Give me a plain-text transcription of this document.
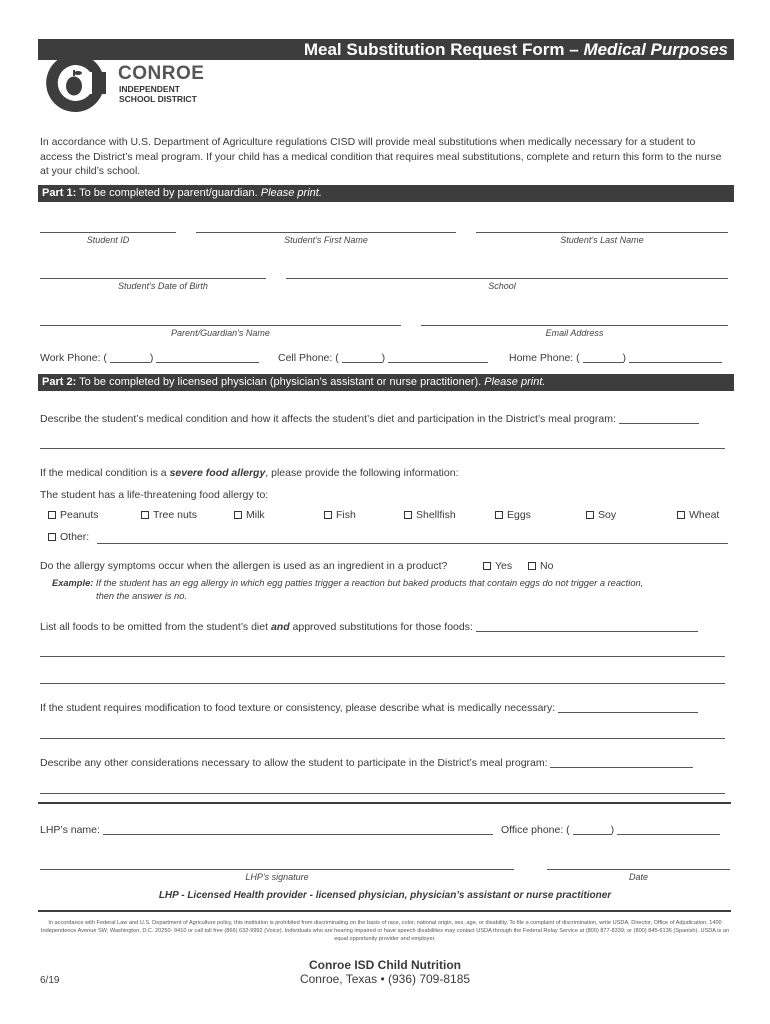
Meal Substitution Request Form – Medical Purposes
CONROE
INDEPENDENT
SCHOOL DISTRICT
In accordance with U.S. Department of Agriculture regulations CISD will provide meal substitutions when medically necessary for a student to access the District’s meal program. If your child has a medical condition that requires meal substitutions, complete and return this form to the nurse at your child’s school.
Part 1: To be completed by parent/guardian. Please print.
Student ID	Student’s First Name	Student’s Last Name
Student’s Date of Birth	School
Parent/Guardian’s Name	Email Address
Work Phone: (	)	Cell Phone: (	)	Home Phone: (	)
Part 2: To be completed by licensed physician (physician’s assistant or nurse practitioner). Please print.
Describe the student’s medical condition and how it affects the student’s diet and participation in the District’s meal program:
If the medical condition is a severe food allergy, please provide the following information:
The student has a life-threatening food allergy to:
Peanuts	Tree nuts	Milk	Fish	Shellfish	Eggs	Soy	Wheat
Other:
Do the allergy symptoms occur when the allergen is used as an ingredient in a product?	Yes	No
Example: If the student has an egg allergy in which egg patties trigger a reaction but baked products that contain eggs do not trigger a reaction,
then the answer is no.
List all foods to be omitted from the student’s diet and approved substitutions for those foods:
If the student requires modification to food texture or consistency, please describe what is medically necessary:
Describe any other considerations necessary to allow the student to participate in the District’s meal program:
LHP’s name:	Office phone: (	)
LHP’s signature	Date
LHP - Licensed Health provider - licensed physician, physician’s assistant or nurse practitioner
In accordance with Federal Law and U.S. Department of Agriculture policy, this institution is prohibited from discriminating on the basis of race, color, national origin, sex, age, or disability. To file a complaint of discrimination, write USDA, Director, Office of Adjudication, 1400 Independence Avenue SW, Washington, D.C. 20250- 9410 or call toll free (866) 632-9992 (Voice). Individuals who are hearing impaired or have speech disabilities may contact USDA through the Federal Relay Service at (800) 877-8339; or (800) 845-6136 (Spanish). USDA is an equal opportunity provider and employer.
Conroe ISD Child Nutrition
Conroe, Texas • (936) 709-8185
6/19
